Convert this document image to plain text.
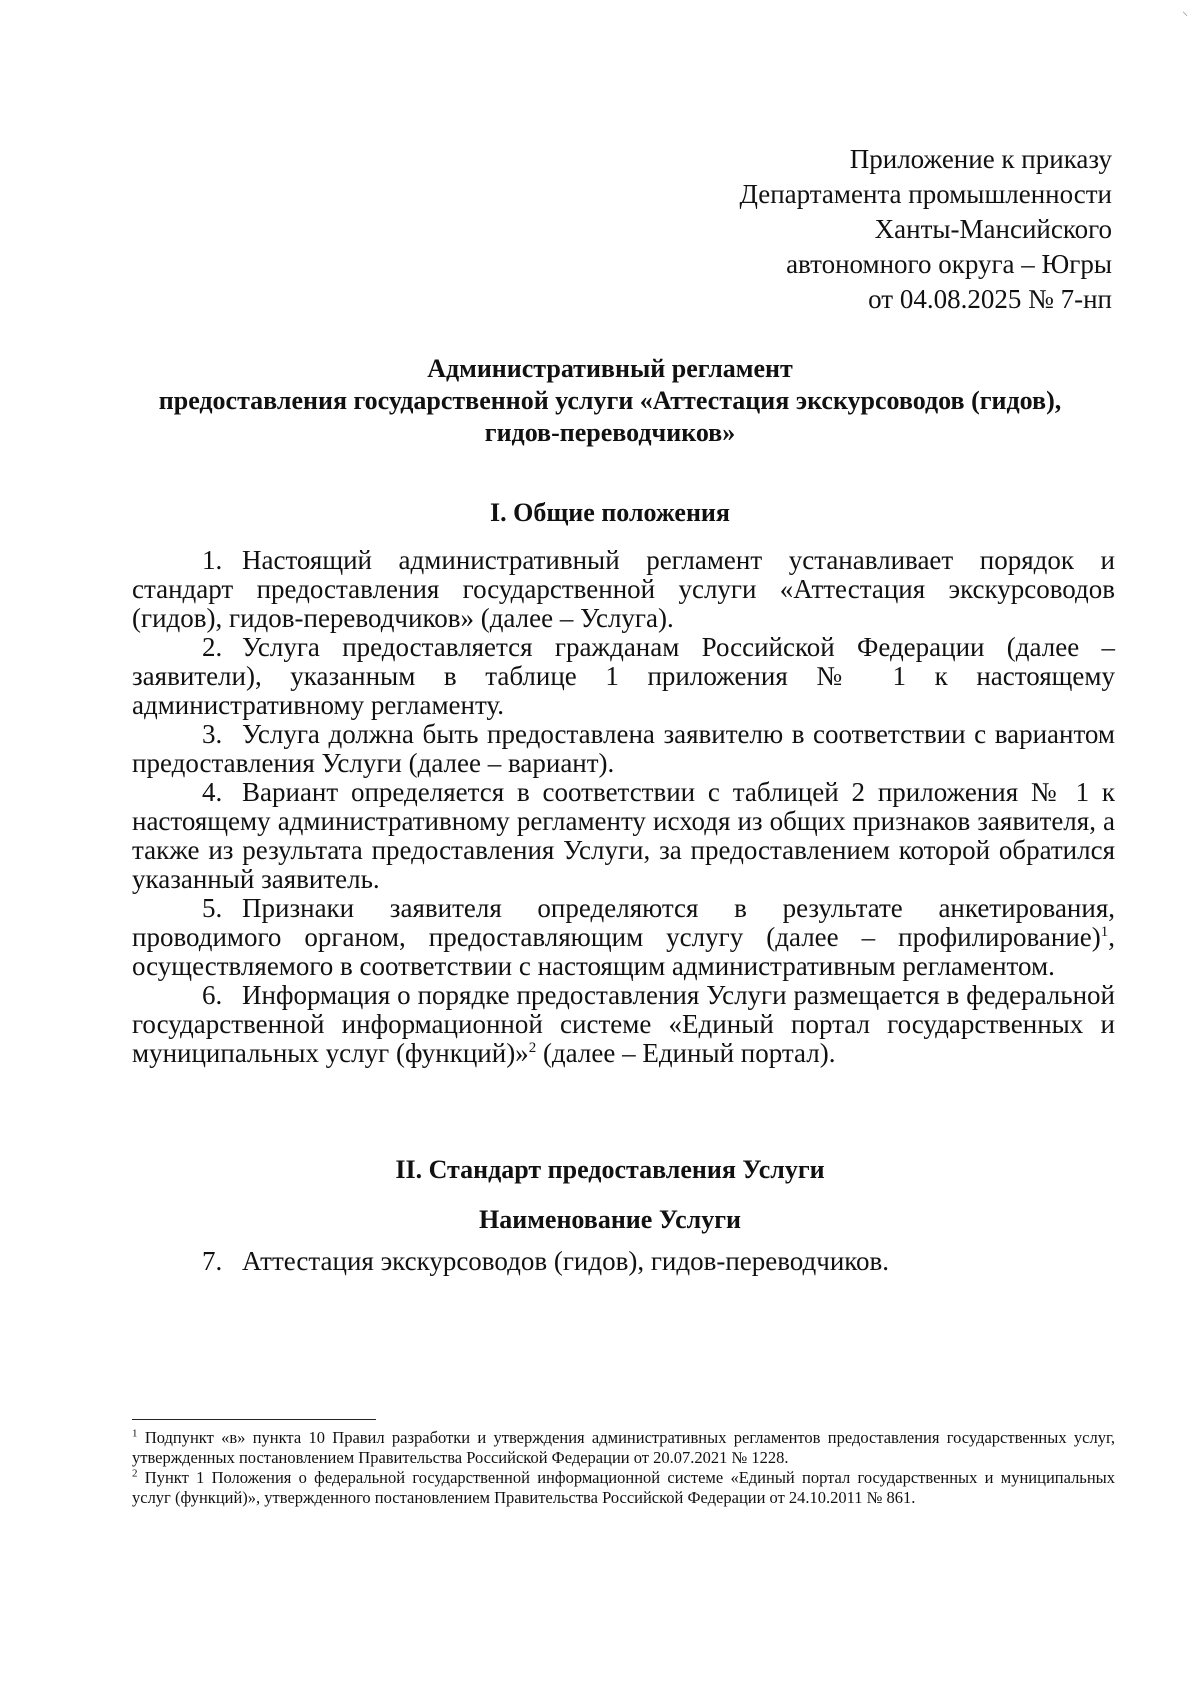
⸜
Приложение к приказу
Департамента промышленности
Ханты-Мансийского
автономного округа – Югры
от 04.08.2025 № 7-нп
Административный регламент
предоставления государственной услуги «Аттестация экскурсоводов (гидов),
гидов-переводчиков»
I. Общие положения

1. Настоящий административный регламент устанавливает порядок и стандарт предоставления государственной услуги «Аттестация экскурсоводов (гидов), гидов-переводчиков» (далее – Услуга).

2. Услуга предоставляется гражданам Российской Федерации (далее – заявители), указанным в таблице 1 приложения № 1 к настоящему административному регламенту.

3. Услуга должна быть предоставлена заявителю в соответствии с вариантом предоставления Услуги (далее – вариант).

4. Вариант определяется в соответствии с таблицей 2 приложения № 1 к настоящему административному регламенту исходя из общих признаков заявителя, а также из результата предоставления Услуги, за предоставлением которой обратился указанный заявитель.

5. Признаки заявителя определяются в результате анкетирования, проводимого органом, предоставляющим услугу (далее – профилирование)$^1$, осуществляемого в соответствии с настоящим административным регламентом.

6. Информация о порядке предоставления Услуги размещается в федеральной государственной информационной системе «Единый портал государственных и муниципальных услуг (функций)»$^2$ (далее – Единый портал).

II. Стандарт предоставления Услуги
Наименование Услуги
7. Аттестация экскурсоводов (гидов), гидов-переводчиков.

$^1$ Подпункт «в» пункта 10 Правил разработки и утверждения административных регламентов предоставления государственных услуг, утвержденных постановлением Правительства Российской Федерации от 20.07.2021 № 1228.

$^2$ Пункт 1 Положения о федеральной государственной информационной системе «Единый портал государственных и муниципальных услуг (функций)», утвержденного постановлением Правительства Российской Федерации от 24.10.2011 № 861.
